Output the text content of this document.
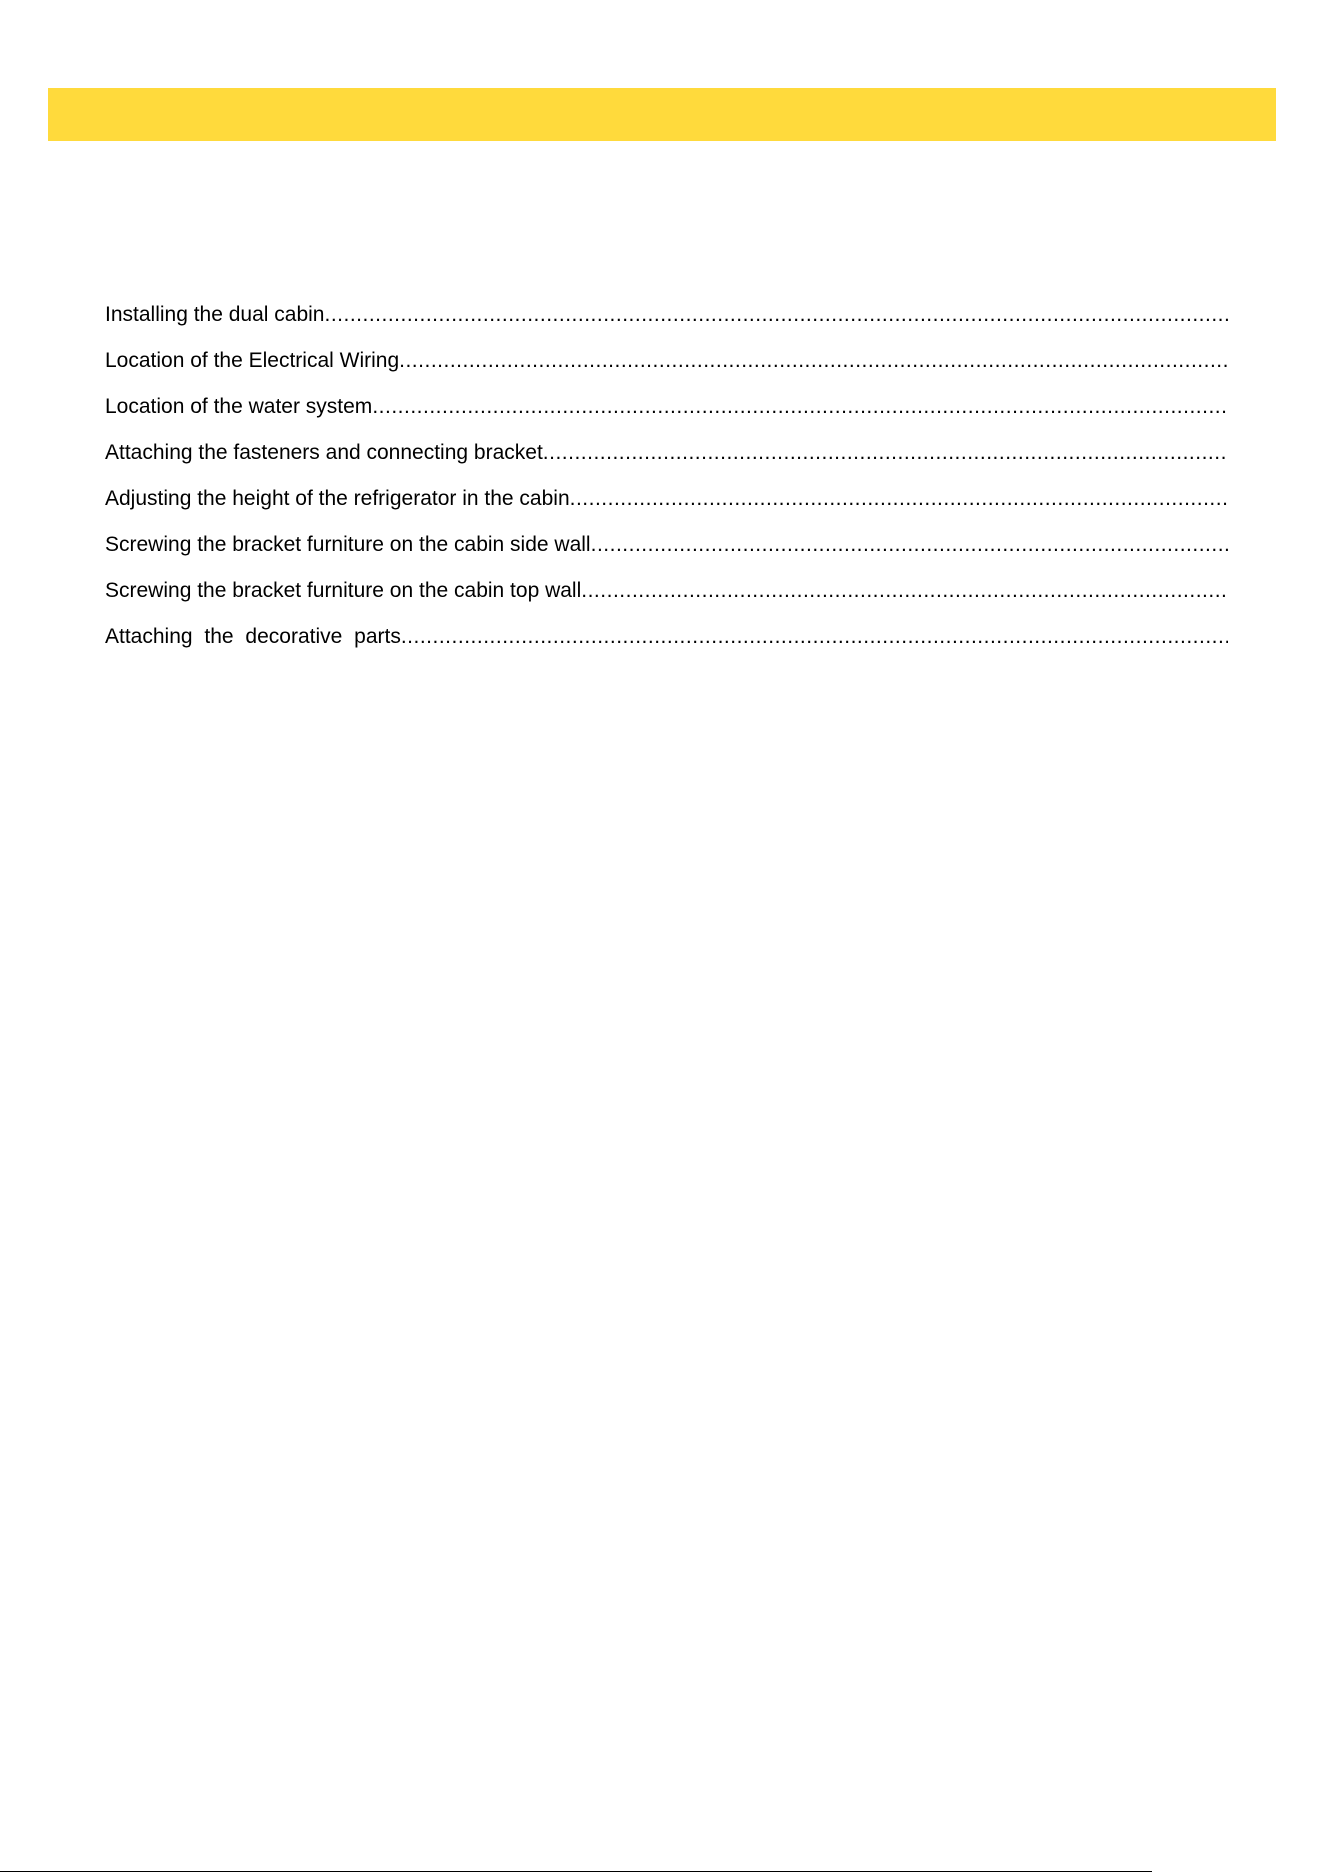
Installing the dual cabin
.....
Location of the Electrical Wiring
.....
Location of the water system
.....
Attaching the fasteners and connecting bracket
.....
Adjusting the height of the refrigerator in the cabin
.....
Screwing the bracket furniture on the cabin side wall
.....
Screwing the bracket furniture on the cabin top wall
.....
Attaching the decorative parts
.....
